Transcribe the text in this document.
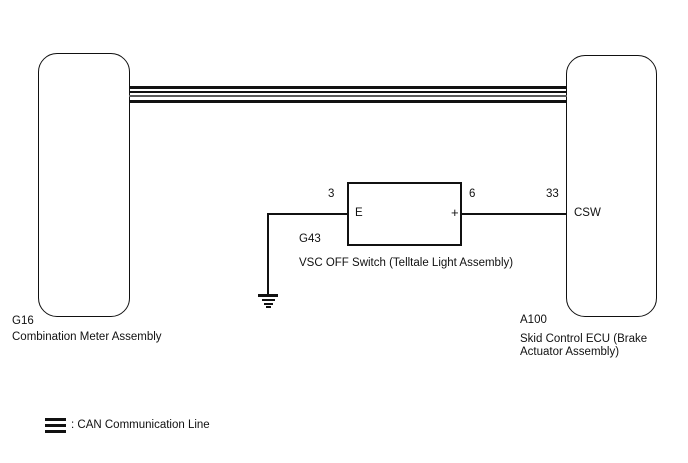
3	6	33
E	+	CSW
G43
VSC OFF Switch (Telltale Light Assembly)
G16
Combination Meter Assembly
A100
Skid Control ECU (Brake
Actuator Assembly)
: CAN Communication Line
